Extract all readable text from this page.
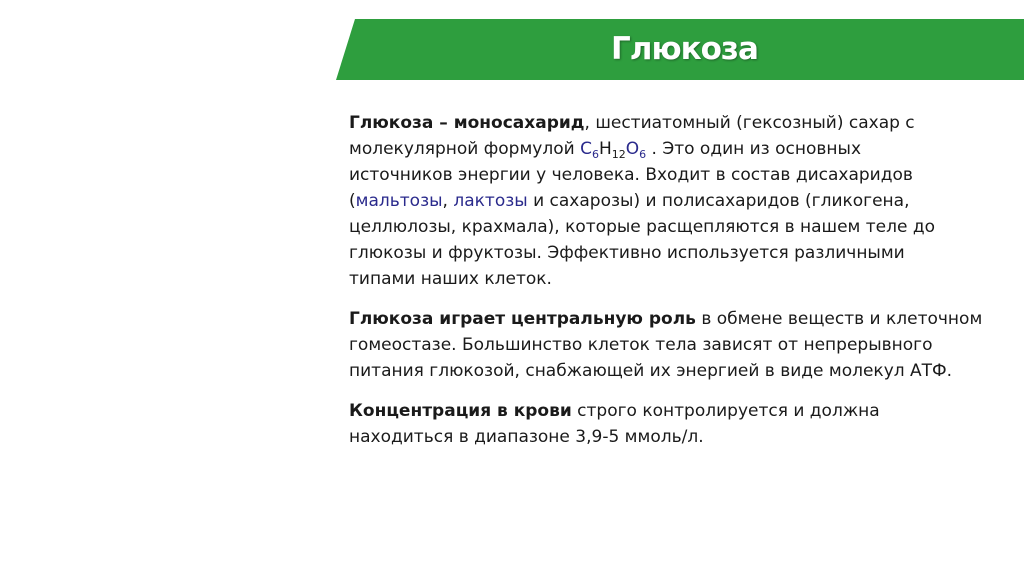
Глюкоза

Глюкоза – моносахарид, шестиатомный (гексозный) сахар с
молекулярной формулой $C_6H_{12}O_6$ . Это один из основных
источников энергии у человека. Входит в состав дисахаридов
(мальтозы, лактозы и сахарозы) и полисахаридов (гликогена,
целлюлозы, крахмала), которые расщепляются в нашем теле до
глюкозы и фруктозы. Эффективно используется различными
типами наших клеток.

Глюкоза играет центральную роль в обмене веществ и клеточном
гомеостазе. Большинство клеток тела зависят от непрерывного
питания глюкозой, снабжающей их энергией в виде молекул АТФ.

Концентрация в крови строго контролируется и должна
находиться в диапазоне 3,9-5 ммоль/л.
